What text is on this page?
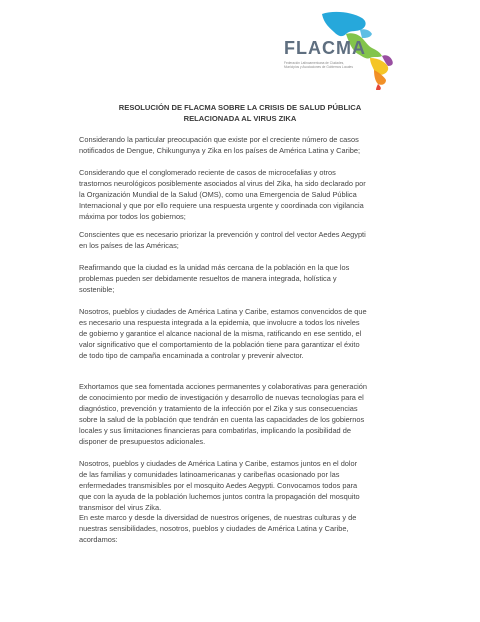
FLACMA
Federación Latinoamericana de Ciudades, Municipios y Asociaciones de Gobiernos Locales
RESOLUCIÓN DE FLACMA SOBRE LA CRISIS DE SALUD PÚBLICA
RELACIONADA AL VIRUS ZIKA
Considerando la particular preocupación que existe por el creciente número de casos
notificados de Dengue, Chikungunya y Zika en los países de América Latina y Caribe;
Considerando que el conglomerado reciente de casos de microcefalias y otros
trastornos neurológicos posiblemente asociados al virus del Zika, ha sido declarado por
la Organización Mundial de la Salud (OMS), como una Emergencia de Salud Pública
Internacional y que por ello requiere una respuesta urgente y coordinada con vigilancia
máxima por todos los gobiernos;
Conscientes que es necesario priorizar la prevención y control del vector Aedes Aegypti
en los países de las Américas;
Reafirmando que la ciudad es la unidad más cercana de la población en la que los
problemas pueden ser debidamente resueltos de manera integrada, holística y
sostenible;
Nosotros, pueblos y ciudades de América Latina y Caribe, estamos convencidos de que
es necesario una respuesta integrada a la epidemia, que involucre a todos los niveles
de gobierno y garantice el alcance nacional de la misma, ratificando en ese sentido, el
valor significativo que el comportamiento de la población tiene para garantizar el éxito
de todo tipo de campaña encaminada a controlar y prevenir alvector.
Exhortamos que sea fomentada acciones permanentes y colaborativas para generación
de conocimiento por medio de investigación y desarrollo de nuevas tecnologías para el
diagnóstico, prevención y tratamiento de la infección por el Zika y sus consecuencias
sobre la salud de la población que tendrán en cuenta las capacidades de los gobiernos
locales y sus limitaciones financieras para combatirlas, implicando la posibilidad de
disponer de presupuestos adicionales.
Nosotros, pueblos y ciudades de América Latina y Caribe, estamos juntos en el dolor
de las familias y comunidades latinoamericanas y caribeñas ocasionado por las
enfermedades transmisibles por el mosquito Aedes Aegypti. Convocamos todos para
que con la ayuda de la población luchemos juntos contra la propagación del mosquito
transmisor del virus Zika.
En este marco y desde la diversidad de nuestros orígenes, de nuestras culturas y de
nuestras sensibilidades, nosotros, pueblos y ciudades de América Latina y Caribe,
acordamos:
